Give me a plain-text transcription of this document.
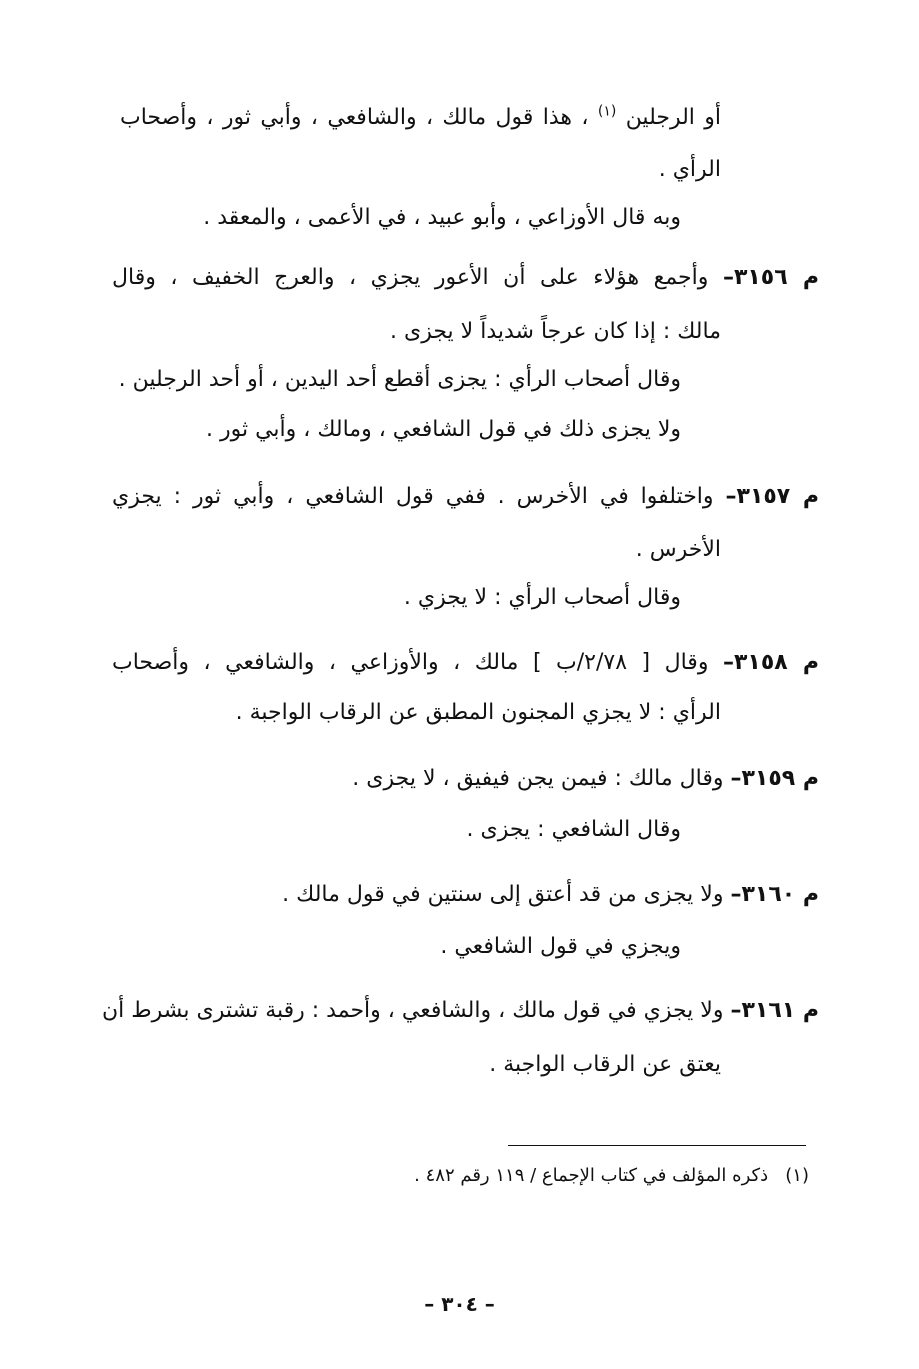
أو الرجلين $^{(١)}$ ، هذا قول مالك ، والشافعي ، وأبي ثور ، وأصحاب
الرأي .
وبه قال الأوزاعي ، وأبو عبيد ، في الأعمى ، والمعقد .
م ٣١٥٦– وأجمع هؤلاء على أن الأعور يجزي ، والعرج الخفيف ، وقال
مالك : إذا كان عرجاً شديداً لا يجزى .
وقال أصحاب الرأي : يجزى أقطع أحد اليدين ، أو أحد الرجلين .
ولا يجزى ذلك في قول الشافعي ، ومالك ، وأبي ثور .
م ٣١٥٧– واختلفوا في الأخرس . ففي قول الشافعي ، وأبي ثور : يجزي
الأخرس .
وقال أصحاب الرأي : لا يجزي .
م ٣١٥٨– وقال [ ٢/٧٨/ب ] مالك ، والأوزاعي ، والشافعي ، وأصحاب
الرأي : لا يجزي المجنون المطبق عن الرقاب الواجبة .
م ٣١٥٩– وقال مالك : فيمن يجن فيفيق ، لا يجزى .
وقال الشافعي : يجزى .
م ٣١٦٠– ولا يجزى من قد أعتق إلى سنتين في قول مالك .
ويجزي في قول الشافعي .
م ٣١٦١– ولا يجزي في قول مالك ، والشافعي ، وأحمد : رقبة تشترى بشرط أن
يعتق عن الرقاب الواجبة .
(١)   ذكره المؤلف في كتاب الإجماع / ١١٩ رقم ٤٨٢ .
– ٣٠٤ –
